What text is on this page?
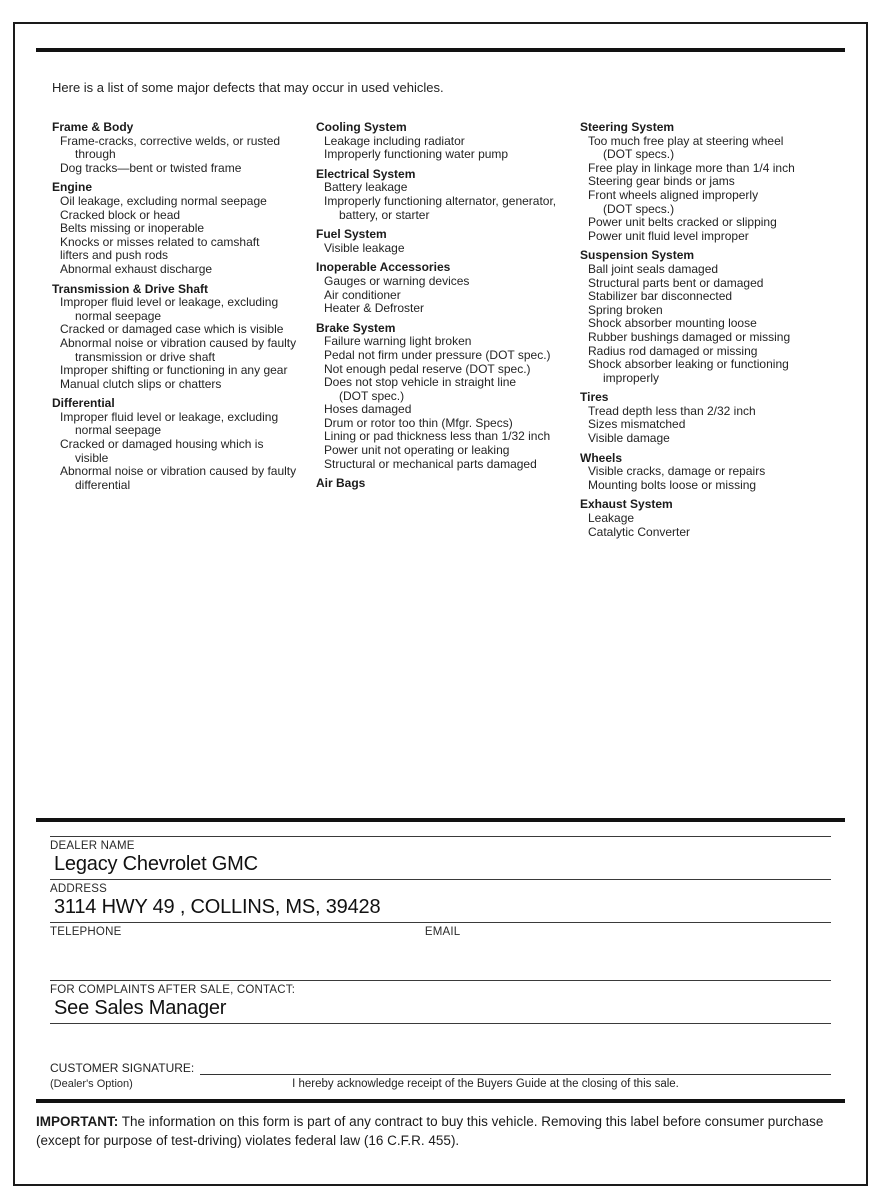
Here is a list of some major defects that may occur in used vehicles.
Frame & Body
Frame-cracks, corrective welds, or rusted
through
Dog tracks—bent or twisted frame
Engine
Oil leakage, excluding normal seepage
Cracked block or head
Belts missing or inoperable
Knocks or misses related to camshaft
lifters and push rods
Abnormal exhaust discharge
Transmission & Drive Shaft
Improper fluid level or leakage, excluding
normal seepage
Cracked or damaged case which is visible
Abnormal noise or vibration caused by faulty
transmission or drive shaft
Improper shifting or functioning in any gear
Manual clutch slips or chatters
Differential
Improper fluid level or leakage, excluding
normal seepage
Cracked or damaged housing which is
visible
Abnormal noise or vibration caused by faulty
differential
Cooling System
Leakage including radiator
Improperly functioning water pump
Electrical System
Battery leakage
Improperly functioning alternator, generator,
battery, or starter
Fuel System
Visible leakage
Inoperable Accessories
Gauges or warning devices
Air conditioner
Heater & Defroster
Brake System
Failure warning light broken
Pedal not firm under pressure (DOT spec.)
Not enough pedal reserve (DOT spec.)
Does not stop vehicle in straight line
(DOT spec.)
Hoses damaged
Drum or rotor too thin (Mfgr. Specs)
Lining or pad thickness less than 1/32 inch
Power unit not operating or leaking
Structural or mechanical parts damaged
Air Bags
Steering System
Too much free play at steering wheel
(DOT specs.)
Free play in linkage more than 1/4 inch
Steering gear binds or jams
Front wheels aligned improperly
(DOT specs.)
Power unit belts cracked or slipping
Power unit fluid level improper
Suspension System
Ball joint seals damaged
Structural parts bent or damaged
Stabilizer bar disconnected
Spring broken
Shock absorber mounting loose
Rubber bushings damaged or missing
Radius rod damaged or missing
Shock absorber leaking or functioning
improperly
Tires
Tread depth less than 2/32 inch
Sizes mismatched
Visible damage
Wheels
Visible cracks, damage or repairs
Mounting bolts loose or missing
Exhaust System
Leakage
Catalytic Converter
DEALER NAME
Legacy Chevrolet GMC
ADDRESS
3114 HWY 49 , COLLINS, MS, 39428
TELEPHONE	EMAIL
FOR COMPLAINTS AFTER SALE, CONTACT:
See Sales Manager
CUSTOMER SIGNATURE:
(Dealer's Option)	I hereby acknowledge receipt of the Buyers Guide at the closing of this sale.
IMPORTANT: The information on this form is part of any contract to buy this vehicle. Removing this label before consumer purchase (except for purpose of test-driving) violates federal law (16 C.F.R. 455).
